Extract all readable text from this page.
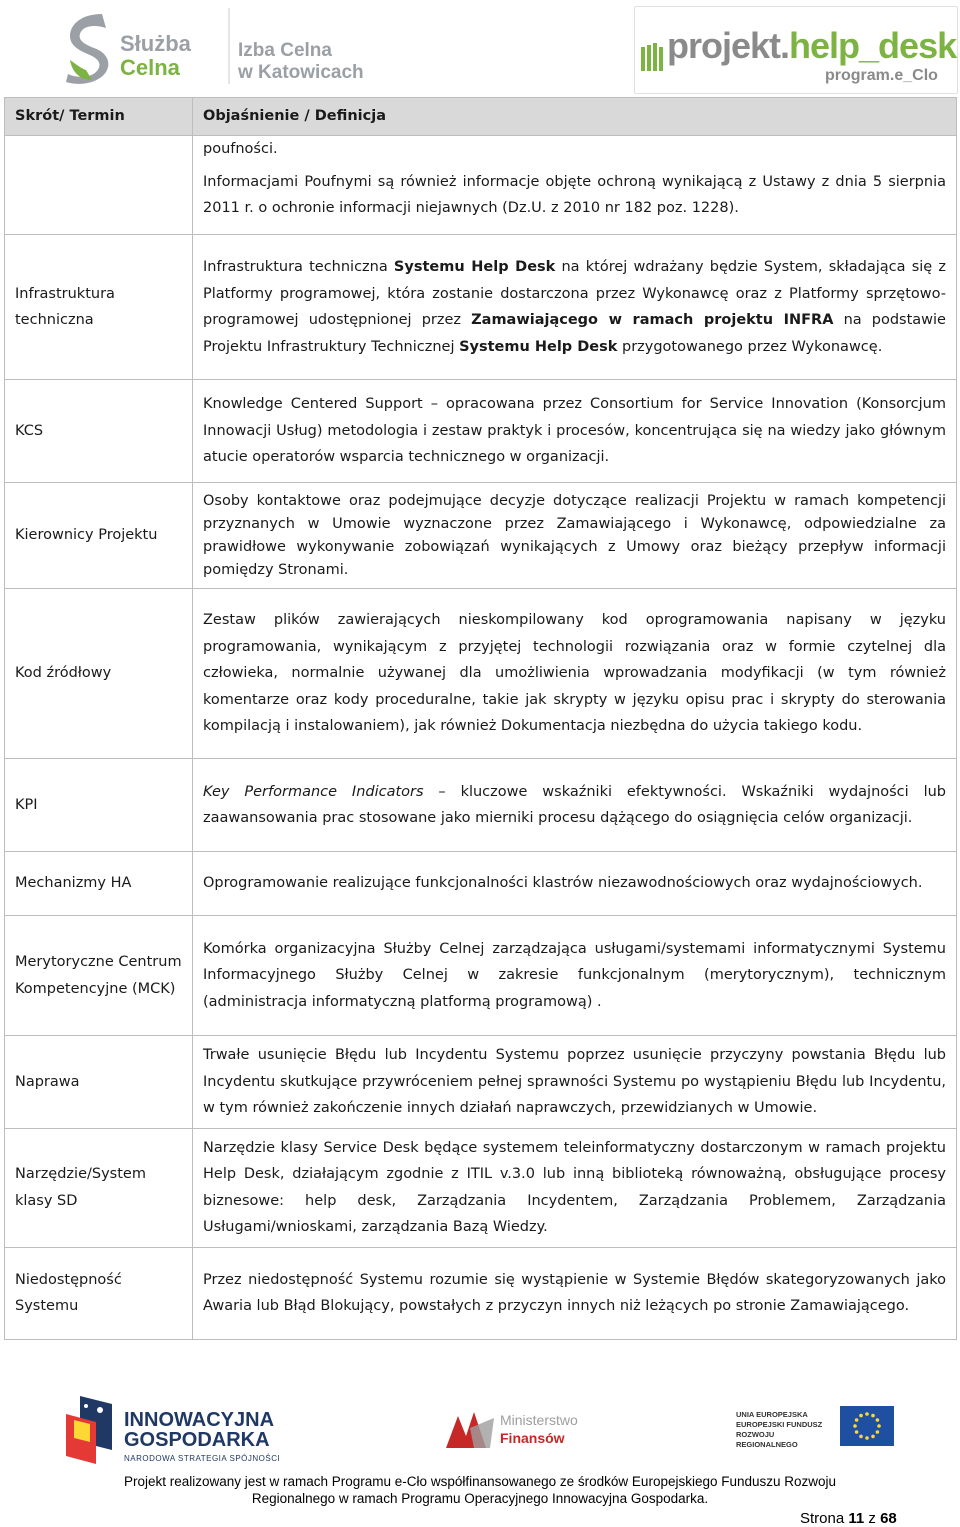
Służba
Celna
Izba Celna
w Katowicach
projekt.help_desk
program.e_Clo
Skrót/ Termin	Objaśnienie / Definicja

	poufności.

Informacjami Poufnymi są również informacje objęte ochroną wynikającą z Ustawy z dnia 5 sierpnia 2011 r. o ochronie informacji niejawnych (Dz.U. z 2010 nr 182 poz. 1228).

Infrastruktura techniczna	Infrastruktura techniczna Systemu Help Desk na której wdrażany będzie System, składająca się z Platformy programowej, która zostanie dostarczona przez Wykonawcę oraz z Platformy sprzętowo-programowej udostępnionej przez Zamawiającego w ramach projektu INFRA na podstawie Projektu Infrastruktury Technicznej Systemu Help Desk przygotowanego przez Wykonawcę.
KCS	Knowledge Centered Support – opracowana przez Consortium for Service Innovation (Konsorcjum Innowacji Usług) metodologia i zestaw praktyk i procesów, koncentrująca się na wiedzy jako głównym atucie operatorów wsparcia technicznego w organizacji.
Kierownicy Projektu	Osoby kontaktowe oraz podejmujące decyzje dotyczące realizacji Projektu w ramach kompetencji przyznanych w Umowie wyznaczone przez Zamawiającego i Wykonawcę, odpowiedzialne za prawidłowe wykonywanie zobowiązań wynikających z Umowy oraz bieżący przepływ informacji pomiędzy Stronami.
Kod źródłowy	Zestaw plików zawierających nieskompilowany kod oprogramowania napisany w języku programowania, wynikającym z przyjętej technologii rozwiązania oraz w formie czytelnej dla człowieka, normalnie używanej dla umożliwienia wprowadzania modyfikacji (w tym również komentarze oraz kody proceduralne, takie jak skrypty w języku opisu prac i skrypty do sterowania kompilacją i instalowaniem), jak również Dokumentacja niezbędna do użycia takiego kodu.
KPI	Key Performance Indicators – kluczowe wskaźniki efektywności. Wskaźniki wydajności lub zaawansowania prac stosowane jako mierniki procesu dążącego do osiągnięcia celów organizacji.
Mechanizmy HA	Oprogramowanie realizujące funkcjonalności klastrów niezawodnościowych oraz wydajnościowych.
Merytoryczne Centrum Kompetencyjne (MCK)	Komórka organizacyjna Służby Celnej zarządzająca usługami/systemami informatycznymi Systemu Informacyjnego Służby Celnej w zakresie funkcjonalnym (merytorycznym), technicznym (administracja informatyczną platformą programową) .
Naprawa	Trwałe usunięcie Błędu lub Incydentu Systemu poprzez usunięcie przyczyny powstania Błędu lub Incydentu skutkujące przywróceniem pełnej sprawności Systemu po wystąpieniu Błędu lub Incydentu, w tym również zakończenie innych działań naprawczych, przewidzianych w Umowie.
Narzędzie/System klasy SD	Narzędzie klasy Service Desk będące systemem teleinformatyczny dostarczonym w ramach projektu Help Desk, działającym zgodnie z ITIL v.3.0 lub inną biblioteką równoważną, obsługujące procesy biznesowe: help desk, Zarządzania Incydentem, Zarządzania Problemem, Zarządzania Usługami/wnioskami, zarządzania Bazą Wiedzy.
Niedostępność Systemu	Przez niedostępność Systemu rozumie się wystąpienie w Systemie Błędów skategoryzowanych jako Awaria lub Błąd Blokujący, powstałych z przyczyn innych niż leżących po stronie Zamawiającego.
INNOWACYJNA
GOSPODARKA
NARODOWA STRATEGIA SPÓJNOŚCI
Ministerstwo
Finansów
UNIA EUROPEJSKA
EUROPEJSKI FUNDUSZ
ROZWOJU REGIONALNEGO
Projekt realizowany jest w ramach Programu e-Cło współfinansowanego ze środków Europejskiego Funduszu Rozwoju
Regionalnego w ramach Programu Operacyjnego Innowacyjna Gospodarka.
Strona 11 z 68
